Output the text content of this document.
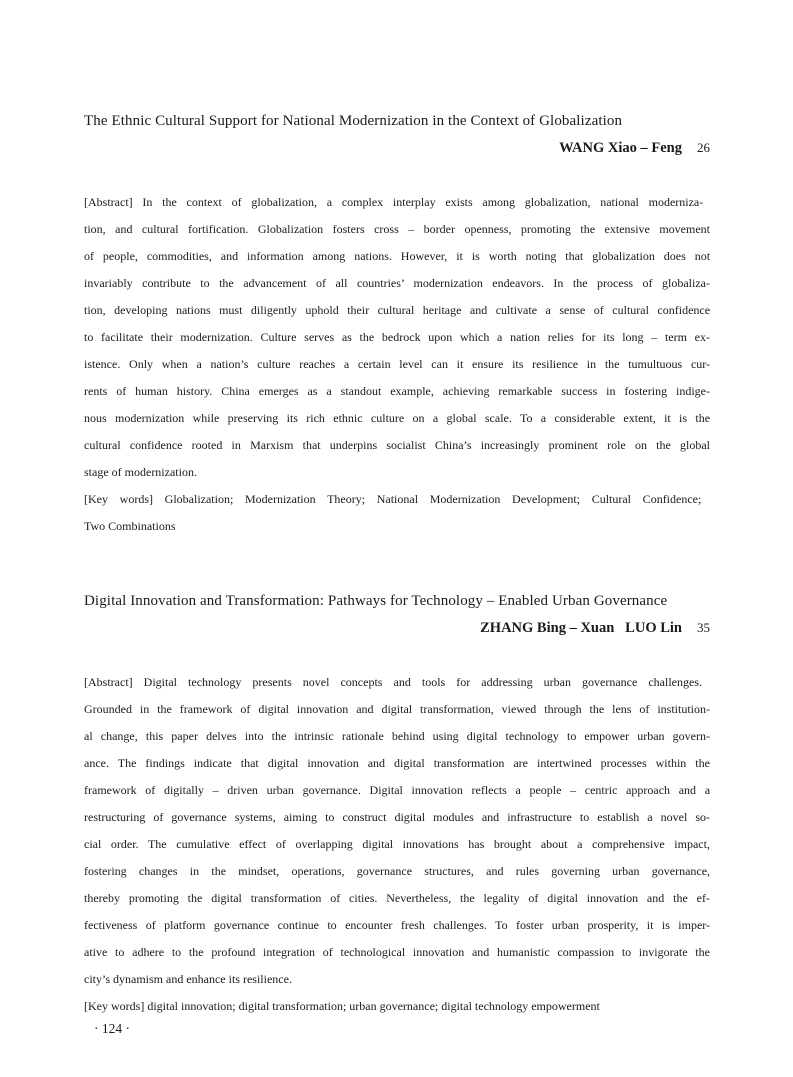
The Ethnic Cultural Support for National Modernization in the Context of Globalization
WANG Xiao – Feng 26
[Abstract] In the context of globalization, a complex interplay exists among globalization, national moderniza-
tion, and cultural fortification. Globalization fosters cross – border openness, promoting the extensive movement
of people, commodities, and information among nations. However, it is worth noting that globalization does not
invariably contribute to the advancement of all countries’ modernization endeavors. In the process of globaliza-
tion, developing nations must diligently uphold their cultural heritage and cultivate a sense of cultural confidence
to facilitate their modernization. Culture serves as the bedrock upon which a nation relies for its long – term ex-
istence. Only when a nation’s culture reaches a certain level can it ensure its resilience in the tumultuous cur-
rents of human history. China emerges as a standout example, achieving remarkable success in fostering indige-
nous modernization while preserving its rich ethnic culture on a global scale. To a considerable extent, it is the
cultural confidence rooted in Marxism that underpins socialist China’s increasingly prominent role on the global
stage of modernization.
[Key words] Globalization; Modernization Theory; National Modernization Development; Cultural Confidence;
Two Combinations
Digital Innovation and Transformation: Pathways for Technology – Enabled Urban Governance
ZHANG Bing – Xuan   LUO Lin 35
[Abstract] Digital technology presents novel concepts and tools for addressing urban governance challenges.
Grounded in the framework of digital innovation and digital transformation, viewed through the lens of institution-
al change, this paper delves into the intrinsic rationale behind using digital technology to empower urban govern-
ance. The findings indicate that digital innovation and digital transformation are intertwined processes within the
framework of digitally – driven urban governance. Digital innovation reflects a people – centric approach and a
restructuring of governance systems, aiming to construct digital modules and infrastructure to establish a novel so-
cial order. The cumulative effect of overlapping digital innovations has brought about a comprehensive impact,
fostering changes in the mindset, operations, governance structures, and rules governing urban governance,
thereby promoting the digital transformation of cities. Nevertheless, the legality of digital innovation and the ef-
fectiveness of platform governance continue to encounter fresh challenges. To foster urban prosperity, it is imper-
ative to adhere to the profound integration of technological innovation and humanistic compassion to invigorate the
city’s dynamism and enhance its resilience.
[Key words] digital innovation; digital transformation; urban governance; digital technology empowerment
· 124 ·
